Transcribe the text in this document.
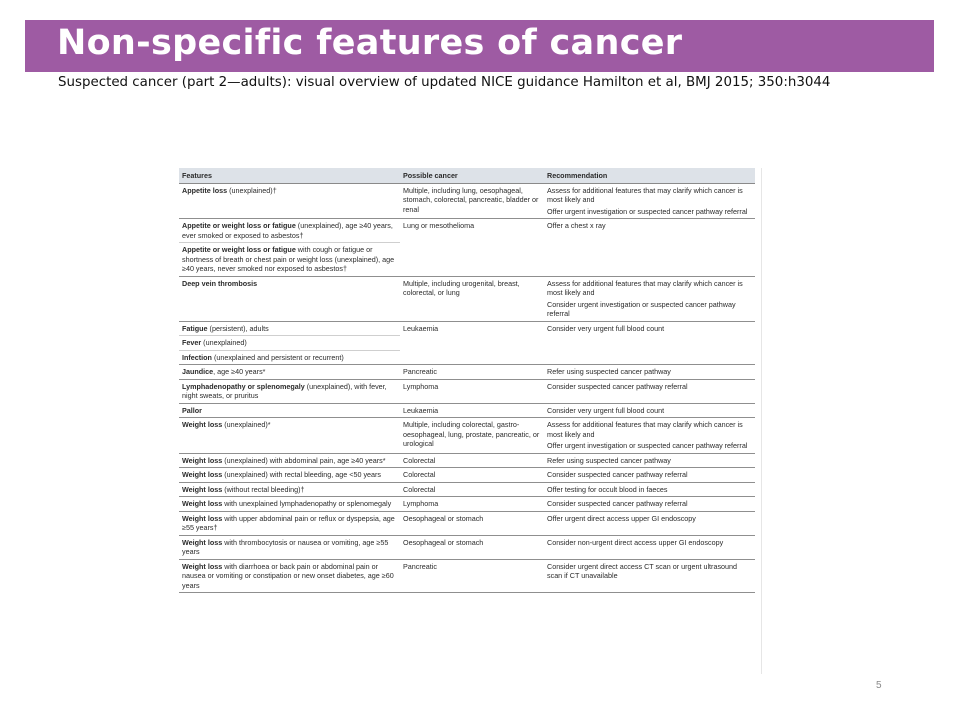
Non-specific features of cancer
Suspected cancer (part 2—adults): visual overview of updated NICE guidance Hamilton et al, BMJ 2015; 350:h3044
Features	Possible cancer	Recommendation
Appetite loss (unexplained)†	Multiple, including lung, oesophageal, stomach, colorectal, pancreatic, bladder or renal	Assess for additional features that may clarify which cancer is most likely and
Offer urgent investigation or suspected cancer pathway referral

Appetite or weight loss or fatigue (unexplained), age ≥40 years, ever smoked or exposed to asbestos†	Lung or mesothelioma	Offer a chest x ray
Appetite or weight loss or fatigue with cough or fatigue or shortness of breath or chest pain or weight loss (unexplained), age ≥40 years, never smoked nor exposed to asbestos†		
Deep vein thrombosis	Multiple, including urogenital, breast, colorectal, or lung	Assess for additional features that may clarify which cancer is most likely and
Consider urgent investigation or suspected cancer pathway referral

Fatigue (persistent), adults	Leukaemia	Consider very urgent full blood count
Fever (unexplained)		
Infection (unexplained and persistent or recurrent)		
Jaundice, age ≥40 years*	Pancreatic	Refer using suspected cancer pathway
Lymphadenopathy or splenomegaly (unexplained), with fever, night sweats, or pruritus	Lymphoma	Consider suspected cancer pathway referral
Pallor	Leukaemia	Consider very urgent full blood count
Weight loss (unexplained)*	Multiple, including colorectal, gastro-oesophageal, lung, prostate, pancreatic, or urological	Assess for additional features that may clarify which cancer is most likely and
Offer urgent investigation or suspected cancer pathway referral

Weight loss (unexplained) with abdominal pain, age ≥40 years*	Colorectal	Refer using suspected cancer pathway
Weight loss (unexplained) with rectal bleeding, age <50 years	Colorectal	Consider suspected cancer pathway referral
Weight loss (without rectal bleeding)†	Colorectal	Offer testing for occult blood in faeces
Weight loss with unexplained lymphadenopathy or splenomegaly	Lymphoma	Consider suspected cancer pathway referral
Weight loss with upper abdominal pain or reflux or dyspepsia, age ≥55 years†	Oesophageal or stomach	Offer urgent direct access upper GI endoscopy
Weight loss with thrombocytosis or nausea or vomiting, age ≥55 years	Oesophageal or stomach	Consider non-urgent direct access upper GI endoscopy
Weight loss with diarrhoea or back pain or abdominal pain or nausea or vomiting or constipation or new onset diabetes, age ≥60 years	Pancreatic	Consider urgent direct access CT scan or urgent ultrasound scan if CT unavailable
5
